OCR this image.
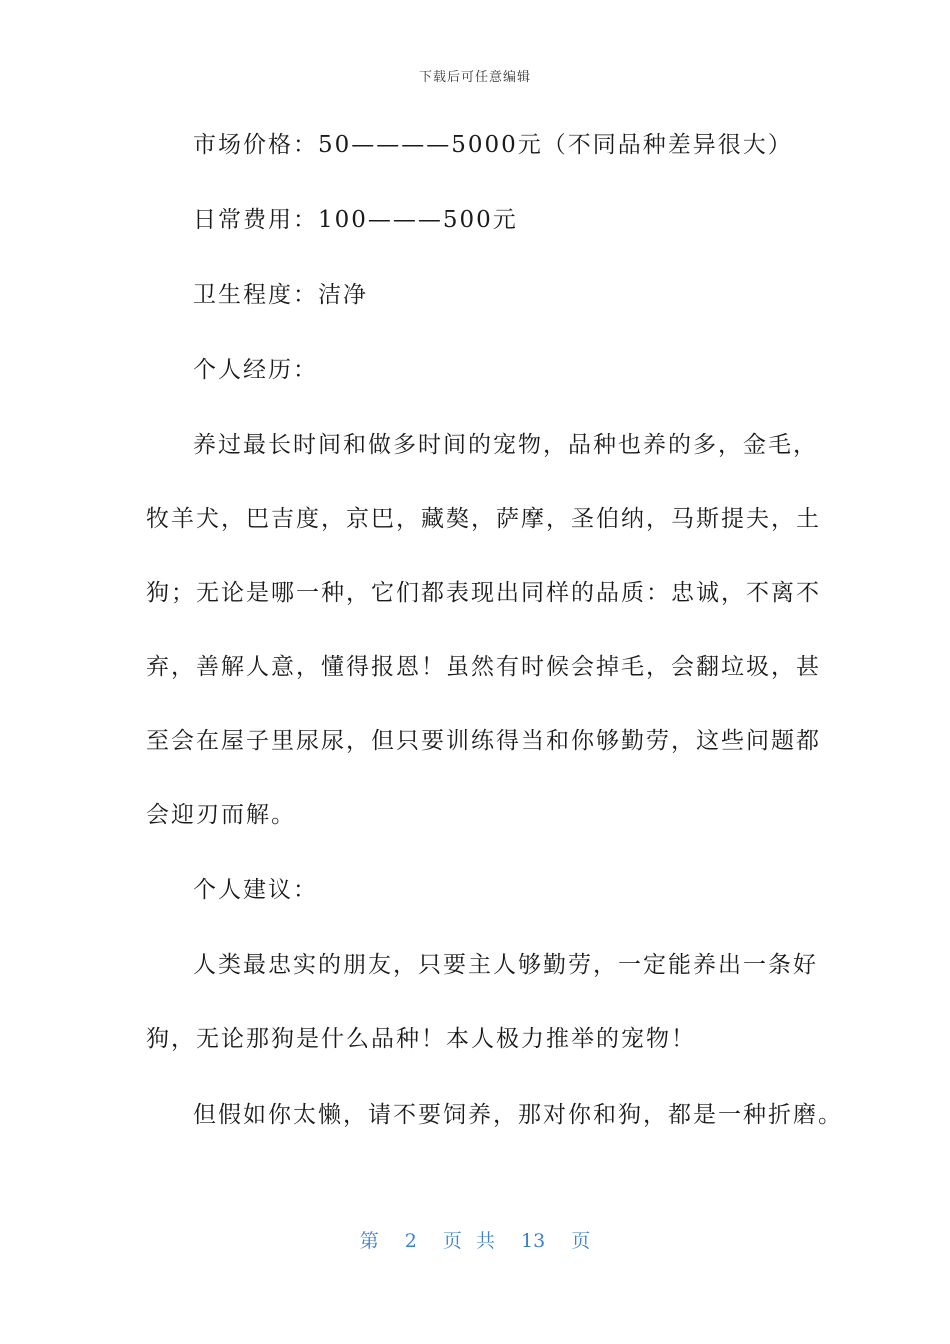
下载后可任意编辑
市场价格：50————5000元（不同品种差异很大）
日常费用：100———500元
卫生程度：洁净
个人经历：
养过最长时间和做多时间的宠物，品种也养的多，金毛，
牧羊犬，巴吉度，京巴，藏獒，萨摩，圣伯纳，马斯提夫，土
狗；无论是哪一种，它们都表现出同样的品质：忠诚，不离不
弃，善解人意，懂得报恩！虽然有时候会掉毛，会翻垃圾，甚
至会在屋子里尿尿，但只要训练得当和你够勤劳，这些问题都
会迎刃而解。
个人建议：
人类最忠实的朋友，只要主人够勤劳，一定能养出一条好
狗，无论那狗是什么品种！本人极力推举的宠物！
但假如你太懒，请不要饲养，那对你和狗，都是一种折磨。
第 2 页 共 13 页
